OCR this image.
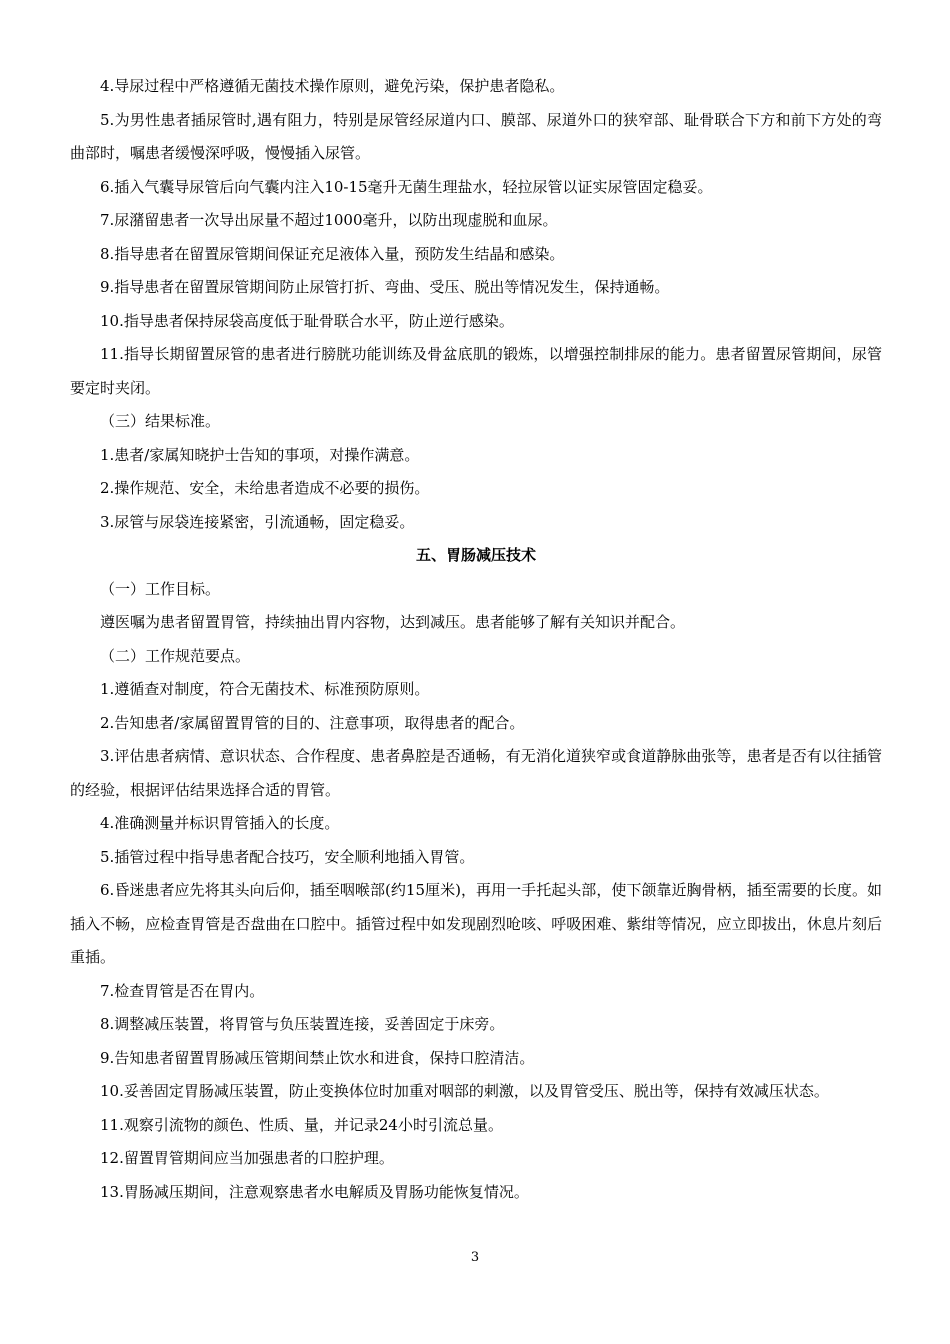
4.导尿过程中严格遵循无菌技术操作原则，避免污染，保护患者隐私。

5.为男性患者插尿管时,遇有阻力，特别是尿管经尿道内口、膜部、尿道外口的狭窄部、耻骨联合下方和前下方处的弯曲部时，嘱患者缓慢深呼吸，慢慢插入尿管。

6.插入气囊导尿管后向气囊内注入10-15毫升无菌生理盐水，轻拉尿管以证实尿管固定稳妥。

7.尿潴留患者一次导出尿量不超过1000毫升，以防出现虚脱和血尿。

8.指导患者在留置尿管期间保证充足液体入量，预防发生结晶和感染。

9.指导患者在留置尿管期间防止尿管打折、弯曲、受压、脱出等情况发生，保持通畅。

10.指导患者保持尿袋高度低于耻骨联合水平，防止逆行感染。

11.指导长期留置尿管的患者进行膀胱功能训练及骨盆底肌的锻炼，以增强控制排尿的能力。患者留置尿管期间，尿管要定时夹闭。

（三）结果标准。

1.患者/家属知晓护士告知的事项，对操作满意。

2.操作规范、安全，未给患者造成不必要的损伤。

3.尿管与尿袋连接紧密，引流通畅，固定稳妥。

五、胃肠减压技术

（一）工作目标。

遵医嘱为患者留置胃管，持续抽出胃内容物，达到减压。患者能够了解有关知识并配合。

（二）工作规范要点。

1.遵循查对制度，符合无菌技术、标准预防原则。

2.告知患者/家属留置胃管的目的、注意事项，取得患者的配合。

3.评估患者病情、意识状态、合作程度、患者鼻腔是否通畅，有无消化道狭窄或食道静脉曲张等，患者是否有以往插管的经验，根据评估结果选择合适的胃管。

4.准确测量并标识胃管插入的长度。

5.插管过程中指导患者配合技巧，安全顺利地插入胃管。

6.昏迷患者应先将其头向后仰，插至咽喉部(约15厘米)，再用一手托起头部，使下颌靠近胸骨柄，插至需要的长度。如插入不畅，应检查胃管是否盘曲在口腔中。插管过程中如发现剧烈呛咳、呼吸困难、紫绀等情况，应立即拔出，休息片刻后重插。

7.检查胃管是否在胃内。

8.调整减压装置，将胃管与负压装置连接，妥善固定于床旁。

9.告知患者留置胃肠减压管期间禁止饮水和进食，保持口腔清洁。

10.妥善固定胃肠减压装置，防止变换体位时加重对咽部的刺激，以及胃管受压、脱出等，保持有效减压状态。

11.观察引流物的颜色、性质、量，并记录24小时引流总量。

12.留置胃管期间应当加强患者的口腔护理。

13.胃肠减压期间，注意观察患者水电解质及胃肠功能恢复情况。

3
